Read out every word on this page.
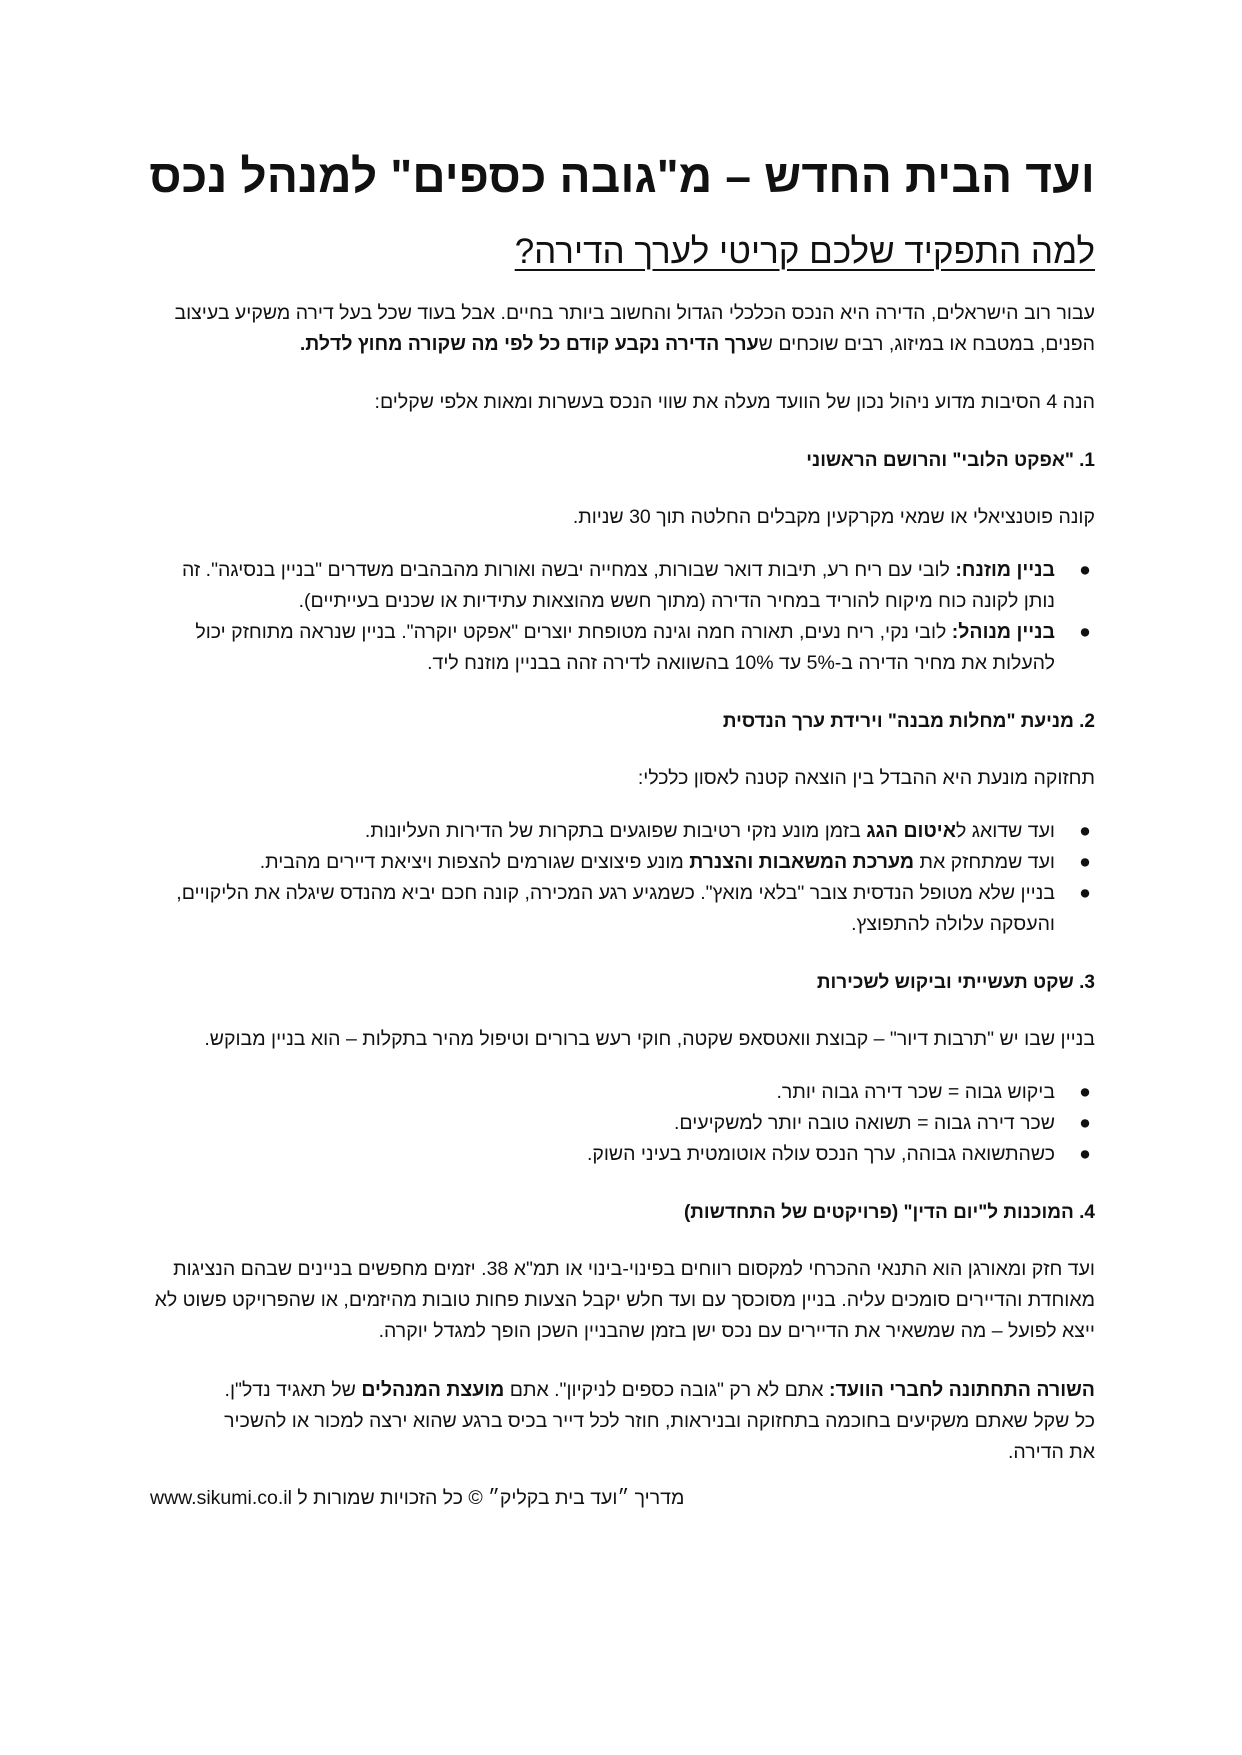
ועד הבית החדש – מ"גובה כספים" למנהל נכס
למה התפקיד שלכם קריטי לערך הדירה?

עבור רוב הישראלים, הדירה היא הנכס הכלכלי הגדול והחשוב ביותר בחיים. אבל בעוד שכל בעל דירה משקיע בעיצוב הפנים, במטבח או במיזוג, רבים שוכחים שערך הדירה נקבע קודם כל לפי מה שקורה מחוץ לדלת.

הנה 4 הסיבות מדוע ניהול נכון של הוועד מעלה את שווי הנכס בעשרות ומאות אלפי שקלים:

1. "אפקט הלובי" והרושם הראשוני

קונה פוטנציאלי או שמאי מקרקעין מקבלים החלטה תוך 30 שניות.

●
בניין מוזנח: לובי עם ריח רע, תיבות דואר שבורות, צמחייה יבשה ואורות מהבהבים משדרים "בניין בנסיגה". זה נותן לקונה כוח מיקוח להוריד במחיר הדירה (מתוך חשש מהוצאות עתידיות או שכנים בעייתיים).
●
בניין מנוהל: לובי נקי, ריח נעים, תאורה חמה וגינה מטופחת יוצרים "אפקט יוקרה". בניין שנראה מתוחזק יכול להעלות את מחיר הדירה ב-5% עד 10% בהשוואה לדירה זהה בבניין מוזנח ליד.
2. מניעת "מחלות מבנה" וירידת ערך הנדסית

תחזוקה מונעת היא ההבדל בין הוצאה קטנה לאסון כלכלי:

●
ועד שדואג לאיטום הגג בזמן מונע נזקי רטיבות שפוגעים בתקרות של הדירות העליונות.
●
ועד שמתחזק את מערכת המשאבות והצנרת מונע פיצוצים שגורמים להצפות ויציאת דיירים מהבית.
●
בניין שלא מטופל הנדסית צובר "בלאי מואץ". כשמגיע רגע המכירה, קונה חכם יביא מהנדס שיגלה את הליקויים, והעסקה עלולה להתפוצץ.
3. שקט תעשייתי וביקוש לשכירות

בניין שבו יש "תרבות דיור" – קבוצת וואטסאפ שקטה, חוקי רעש ברורים וטיפול מהיר בתקלות – הוא בניין מבוקש.

●
ביקוש גבוה = שכר דירה גבוה יותר.
●
שכר דירה גבוה = תשואה טובה יותר למשקיעים.
●
כשהתשואה גבוהה, ערך הנכס עולה אוטומטית בעיני השוק.
4. המוכנות ל"יום הדין" (פרויקטים של התחדשות)

ועד חזק ומאורגן הוא התנאי ההכרחי למקסום רווחים בפינוי-בינוי או תמ"א 38. יזמים מחפשים בניינים שבהם הנציגות מאוחדת והדיירים סומכים עליה. בניין מסוכסך עם ועד חלש יקבל הצעות פחות טובות מהיזמים, או שהפרויקט פשוט לא ייצא לפועל – מה שמשאיר את הדיירים עם נכס ישן בזמן שהבניין השכן הופך למגדל יוקרה.

השורה התחתונה לחברי הוועד: אתם לא רק "גובה כספים לניקיון". אתם מועצת המנהלים של תאגיד נדל"ן. כל שקל שאתם משקיעים בחוכמה בתחזוקה ובניראות, חוזר לכל דייר בכיס ברגע שהוא ירצה למכור או להשכיר את הדירה.

www.sikumi.co.il מדריך ״ועד בית בקליק״ © כל הזכויות שמורות ל
